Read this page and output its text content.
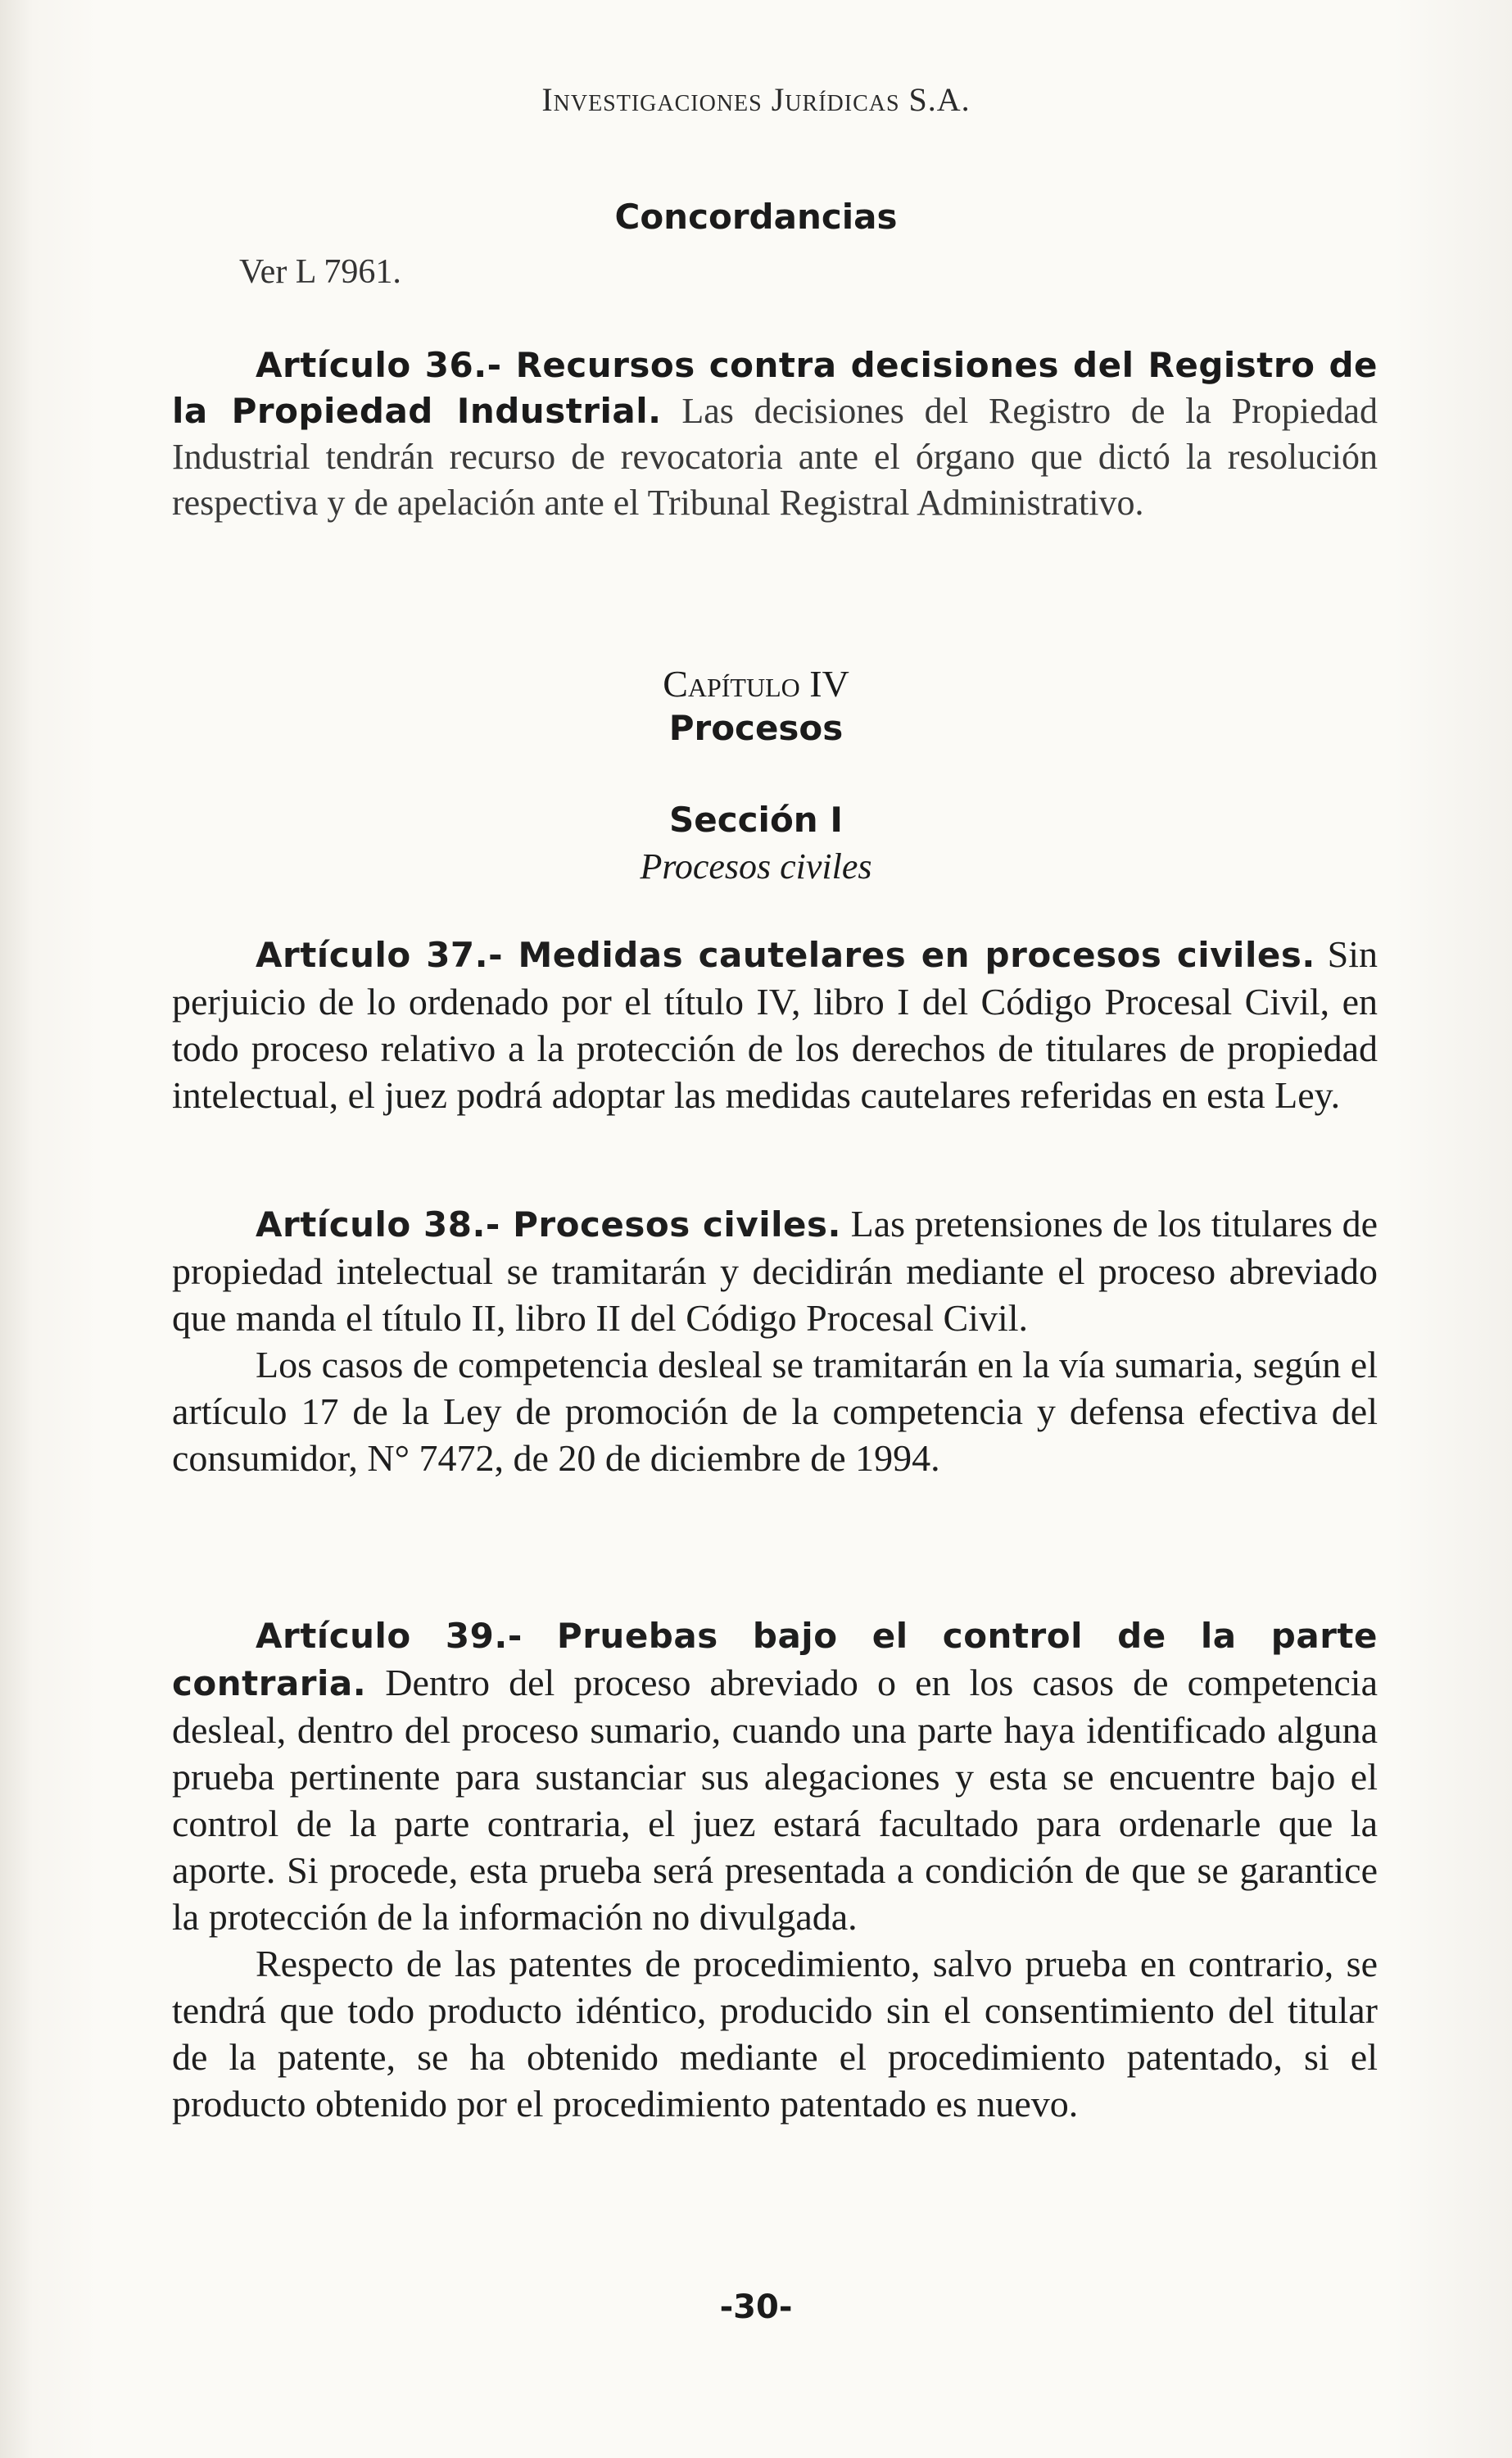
Investigaciones Jurídicas S.A.
Concordancias
Ver L 7961.

Artículo 36.- Recursos contra decisiones del Registro de la Propiedad Industrial. Las decisiones del Registro de la Propiedad Industrial tendrán recurso de revocatoria ante el órgano que dictó la resolución respectiva y de apelación ante el Tribunal Registral Administrativo.

Capítulo IV
Procesos
Sección I
Procesos civiles

Artículo 37.- Medidas cautelares en procesos civiles. Sin perjuicio de lo ordenado por el título IV, libro I del Código Procesal Civil, en todo proceso relativo a la protección de los derechos de titulares de propiedad intelectual, el juez podrá adoptar las medidas cautelares referidas en esta Ley.

Artículo 38.- Procesos civiles. Las pretensiones de los titulares de propiedad intelectual se tramitarán y decidirán mediante el proceso abreviado que manda el título II, libro II del Código Procesal Civil.

Los casos de competencia desleal se tramitarán en la vía sumaria, según el artículo 17 de la Ley de promoción de la competencia y defensa efectiva del consumidor, N° 7472, de 20 de diciembre de 1994.

Artículo 39.- Pruebas bajo el control de la parte contraria. Dentro del proceso abreviado o en los casos de competencia desleal, dentro del proceso sumario, cuando una parte haya identificado alguna prueba pertinente para sustanciar sus alegaciones y esta se encuentre bajo el control de la parte contraria, el juez estará facultado para ordenarle que la aporte. Si procede, esta prueba será presentada a condición de que se garantice la protección de la información no divulgada.

Respecto de las patentes de procedimiento, salvo prueba en contrario, se tendrá que todo producto idéntico, producido sin el consentimiento del titular de la patente, se ha obtenido mediante el procedimiento patentado, si el producto obtenido por el procedimiento patentado es nuevo.

-30-
